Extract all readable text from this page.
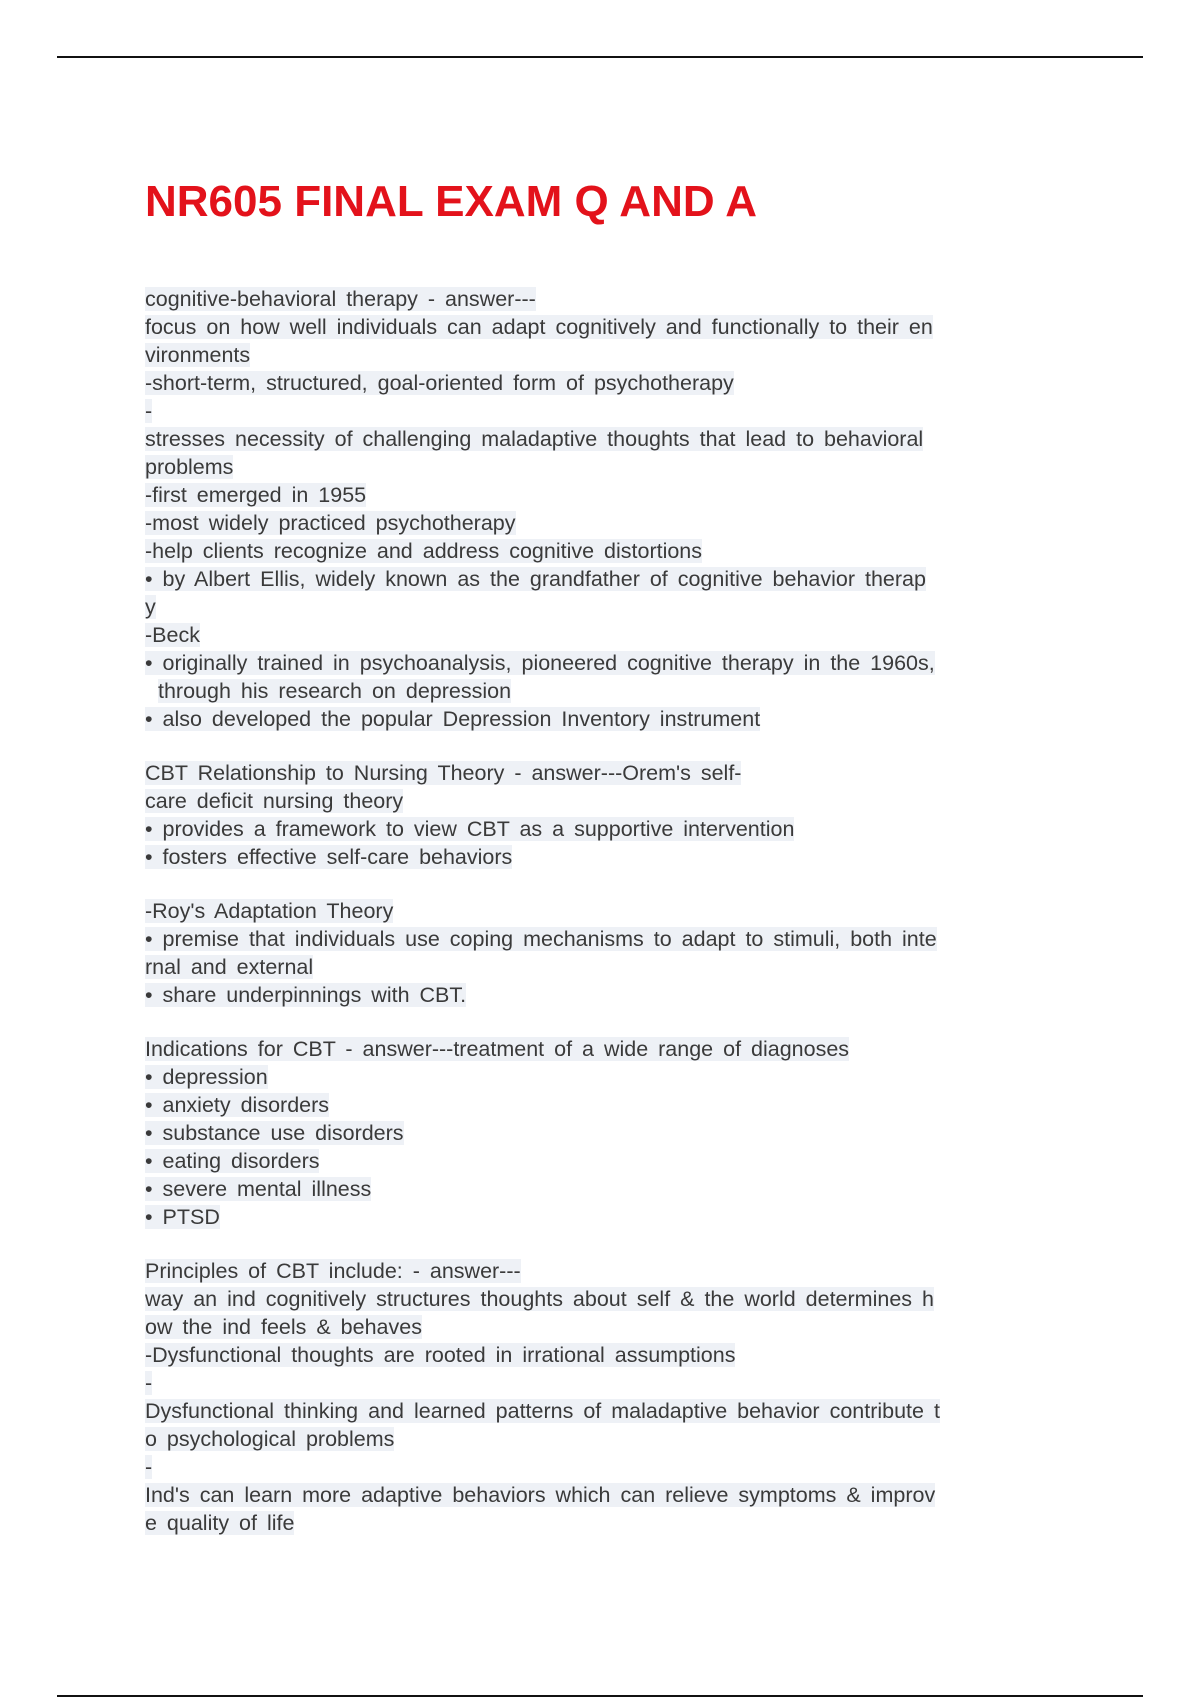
NR605 FINAL EXAM Q AND A
cognitive-behavioral therapy - answer---
focus on how well individuals can adapt cognitively and functionally to their en
vironments
-short-term, structured, goal-oriented form of psychotherapy
-
stresses necessity of challenging maladaptive thoughts that lead to behavioral
problems
-first emerged in 1955
-most widely practiced psychotherapy
-help clients recognize and address cognitive distortions
• by Albert Ellis, widely known as the grandfather of cognitive behavior therap
y
-Beck
• originally trained in psychoanalysis, pioneered cognitive therapy in the 1960s,
through his research on depression
• also developed the popular Depression Inventory instrument
CBT Relationship to Nursing Theory - answer---Orem's self-
care deficit nursing theory
• provides a framework to view CBT as a supportive intervention
• fosters effective self-care behaviors
-Roy's Adaptation Theory
• premise that individuals use coping mechanisms to adapt to stimuli, both inte
rnal and external
• share underpinnings with CBT.
Indications for CBT - answer---treatment of a wide range of diagnoses
• depression
• anxiety disorders
• substance use disorders
• eating disorders
• severe mental illness
• PTSD
Principles of CBT include: - answer---
way an ind cognitively structures thoughts about self & the world determines h
ow the ind feels & behaves
-Dysfunctional thoughts are rooted in irrational assumptions
-
Dysfunctional thinking and learned patterns of maladaptive behavior contribute t
o psychological problems
-
Ind's can learn more adaptive behaviors which can relieve symptoms & improv
e quality of life
